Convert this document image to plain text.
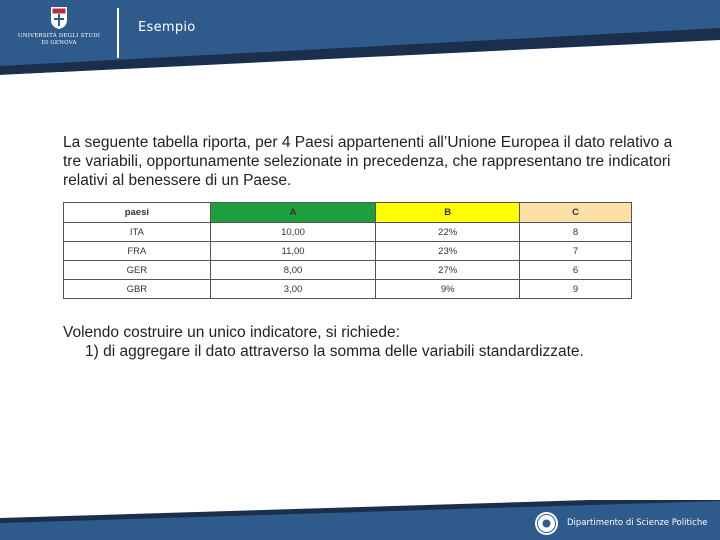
UNIVERSITÀ DEGLI STUDI
DI GENOVA
Esempio
La seguente tabella riporta, per 4 Paesi appartenenti all’Unione Europea il dato relativo a tre variabili, opportunamente selezionate in precedenza, che rappresentano tre indicatori relativi al benessere di un Paese.
paesi	A	B	C
ITA	10,00	22%	8
FRA	11,00	23%	7
GER	8,00	27%	6
GBR	3,00	9%	9
Volendo costruire un unico indicatore, si richiede:
1) di aggregare il dato attraverso la somma delle variabili standardizzate.
Dipartimento di Scienze Politiche
